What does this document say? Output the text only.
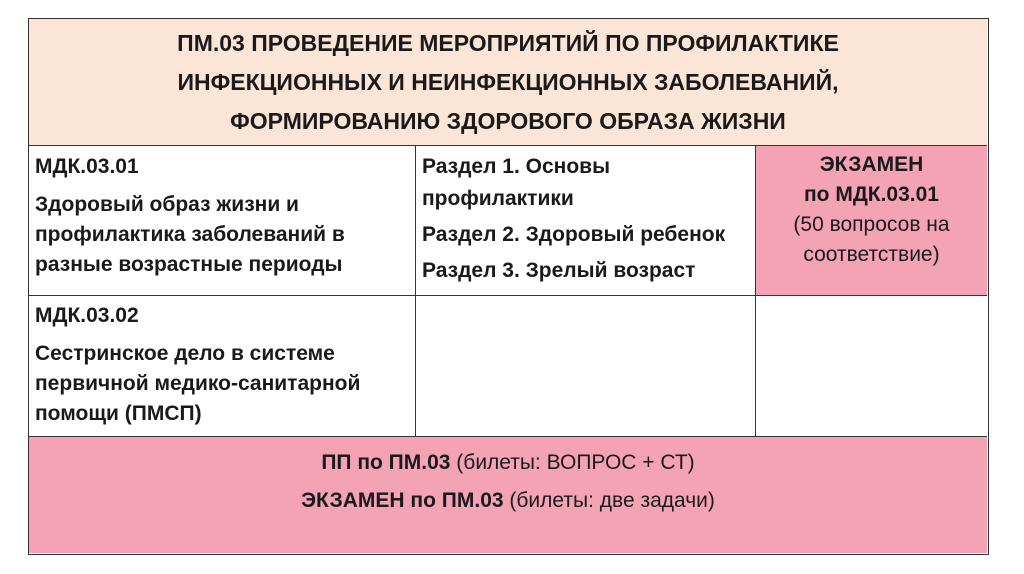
ПМ.03 ПРОВЕДЕНИЕ МЕРОПРИЯТИЙ ПО ПРОФИЛАКТИКЕ
ИНФЕКЦИОННЫХ И НЕИНФЕКЦИОННЫХ ЗАБОЛЕВАНИЙ,
ФОРМИРОВАНИЮ ЗДОРОВОГО ОБРАЗА ЖИЗНИ
МДК.03.01
Здоровый образ жизни и
профилактика заболеваний в
разные возрастные периоды
Раздел 1. Основы
профилактики
Раздел 2. Здоровый ребенок
Раздел 3. Зрелый возраст
ЭКЗАМЕН
по МДК.03.01
(50 вопросов на
соответствие)
МДК.03.02
Сестринское дело в системе
первичной медико-санитарной
помощи (ПМСП)
ПП по ПМ.03 (билеты: ВОПРОС + СТ)
ЭКЗАМЕН по ПМ.03 (билеты: две задачи)
